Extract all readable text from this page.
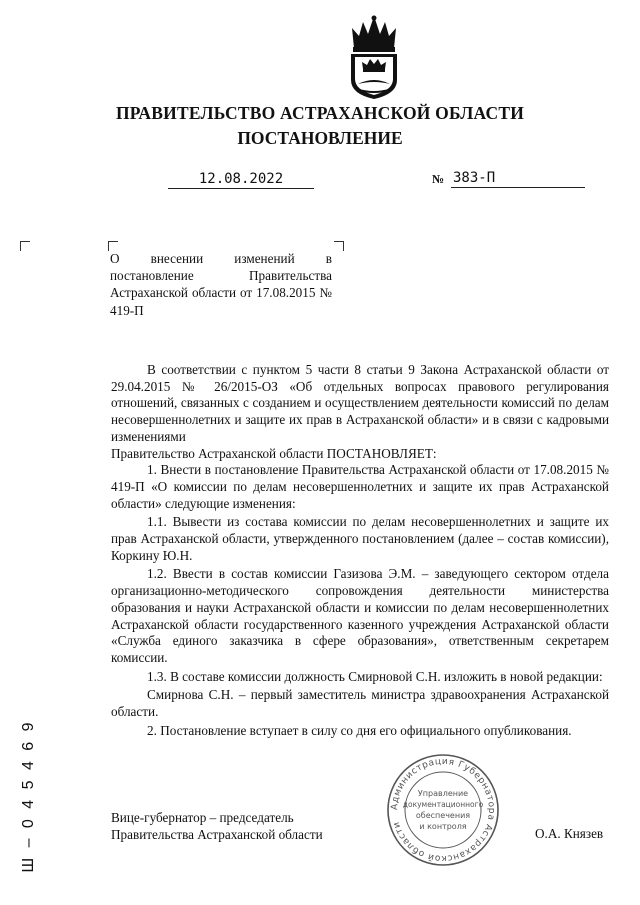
ПРАВИТЕЛЬСТВО АСТРАХАНСКОЙ ОБЛАСТИ
ПОСТАНОВЛЕНИЕ
12.08.2022	№ 383-П
О внесении изменений в постановление Правительства Астраханской области от 17.08.2015 № 419-П

В соответствии с пунктом 5 части 8 статьи 9 Закона Астраханской области от 29.04.2015 № 26/2015-ОЗ «Об отдельных вопросах правового регулирования отношений, связанных с созданием и осуществлением деятельности комиссий по делам несовершеннолетних и защите их прав в Астраханской области» и в связи с кадровыми изменениями

Правительство Астраханской области ПОСТАНОВЛЯЕТ:

1. Внести в постановление Правительства Астраханской области от 17.08.2015 № 419-П «О комиссии по делам несовершеннолетних и защите их прав Астраханской области» следующие изменения:

1.1. Вывести из состава комиссии по делам несовершеннолетних и защите их прав Астраханской области, утвержденного постановлением (далее – состав комиссии), Коркину Ю.Н.

1.2. Ввести в состав комиссии Газизова Э.М. – заведующего сектором отдела организационно-методического сопровождения деятельности министерства образования и науки Астраханской области и комиссии по делам несовершеннолетних Астраханской области государственного казенного учреждения Астраханской области «Служба единого заказчика в сфере образования», ответственным секретарем комиссии.

1.3. В составе комиссии должность Смирновой С.Н. изложить в новой редакции:

Смирнова С.Н. – первый заместитель министра здравоохранения Астраханской области.

2. Постановление вступает в силу со дня его официального опубликования.

Вице-губернатор – председатель
Правительства Астраханской области	О.А. Князев
Администрация Губернатора Астраханской области
Управление
документационного
обеспечения
и контроля
Ш – 0 4 5 4 6 9
